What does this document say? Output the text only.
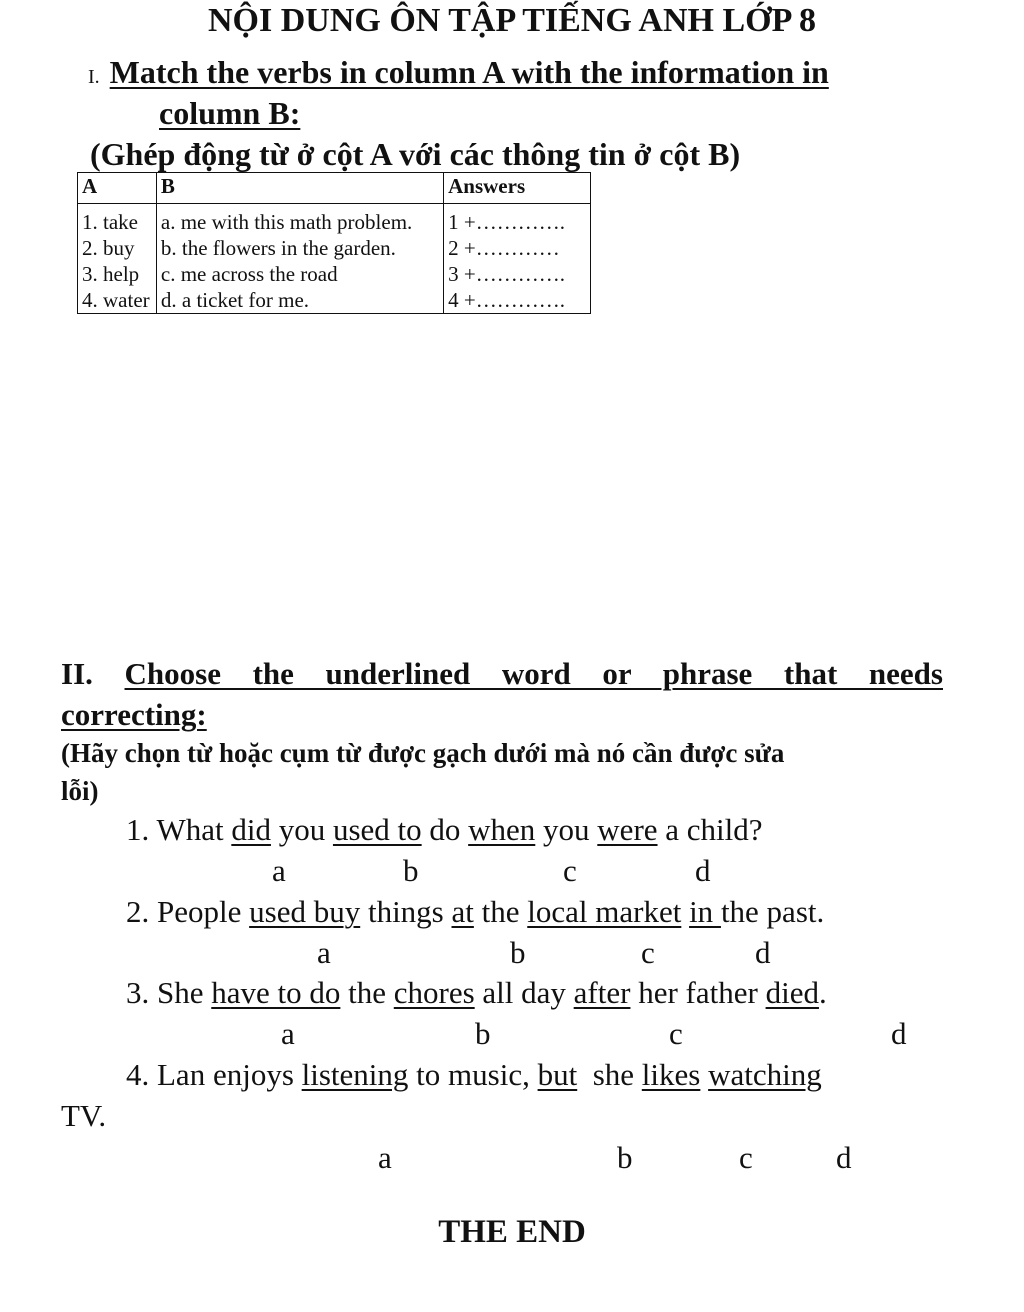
NỘI DUNG ÔN TẬP TIẾNG ANH LỚP 8
I. Match the verbs in column A with the information in
column B:
(Ghép động từ ở cột A với các thông tin ở cột B)
A	B	Answers
1. take	a. me with this math problem.	1 +………….
2. buy	b. the flowers in the garden.	2 +…………
3. help	c. me across the road	3 +………….
4. water	d. a ticket for me.	4 +………….
II. Choose the underlined word or phrase that needs
correcting:
(Hãy chọn từ hoặc cụm từ được gạch dưới mà nó cần được sửa
lỗi)
1. What did you used to do when you were a child?
a	b	c	d
2. People used buy things at the local market in the past.
a	b	c	d
3. She have to do the chores all day after her father died.
a	b	c	d
4. Lan enjoys listening to music, but  she likes watching
TV.
a	b	c	d
THE END
